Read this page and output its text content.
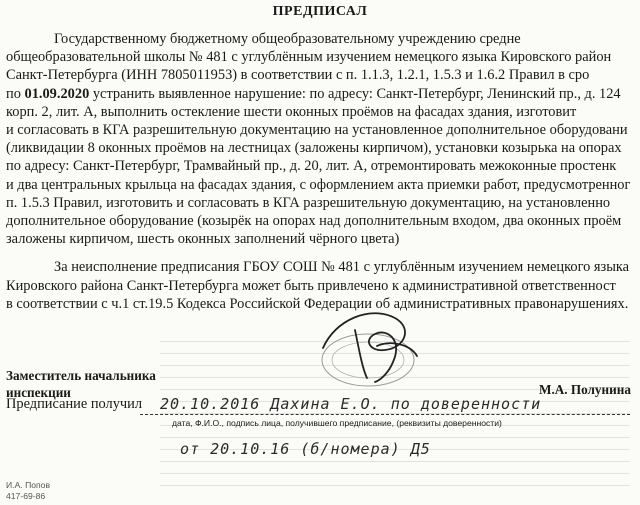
ПРЕДПИСАЛ

Государственному бюджетному общеобразовательному учреждению средне

общеобразовательной школы № 481 с углублённым изучением немецкого языка Кировского район

Санкт-Петербурга (ИНН 7805011953) в соответствии с п. 1.1.3, 1.2.1, 1.5.3 и 1.6.2 Правил в сро

по 01.09.2020 устранить выявленное нарушение: по адресу: Санкт-Петербург, Ленинский пр., д. 124

корп. 2, лит. А, выполнить остекление шести оконных проёмов на фасадах здания, изготовит

и согласовать в КГА разрешительную документацию на установленное дополнительное оборудовани

(ликвидации 8 оконных проёмов на лестницах (заложены кирпичом), установки козырька на опорах

по адресу: Санкт-Петербург, Трамвайный пр., д. 20, лит. А, отремонтировать межоконные простенк

и два центральных крыльца на фасадах здания, с оформлением акта приемки работ, предусмотренног

п. 1.5.3 Правил, изготовить и согласовать в КГА разрешительную документацию, на установленно

дополнительное оборудование (козырёк на опорах над дополнительным входом, два оконных проём

заложены кирпичом, шесть оконных заполнений чёрного цвета)

За неисполнение предписания ГБОУ СОШ № 481 с углублённым изучением немецкого языка

Кировского района Санкт-Петербурга может быть привлечено к административной ответственност

в соответствии с ч.1 ст.19.5 Кодекса Российской Федерации об административных правонарушениях.

Заместитель начальника
инспекции	М.А. Полунина
Предписание получил 20.10.2016 Дахина Е.О. по доверенности
дата, Ф.И.О., подпись лица, получившего предписание, (реквизиты доверенности)
от 20.10.16 (б/номера) Д5
И.А. Попов
417-69-86
